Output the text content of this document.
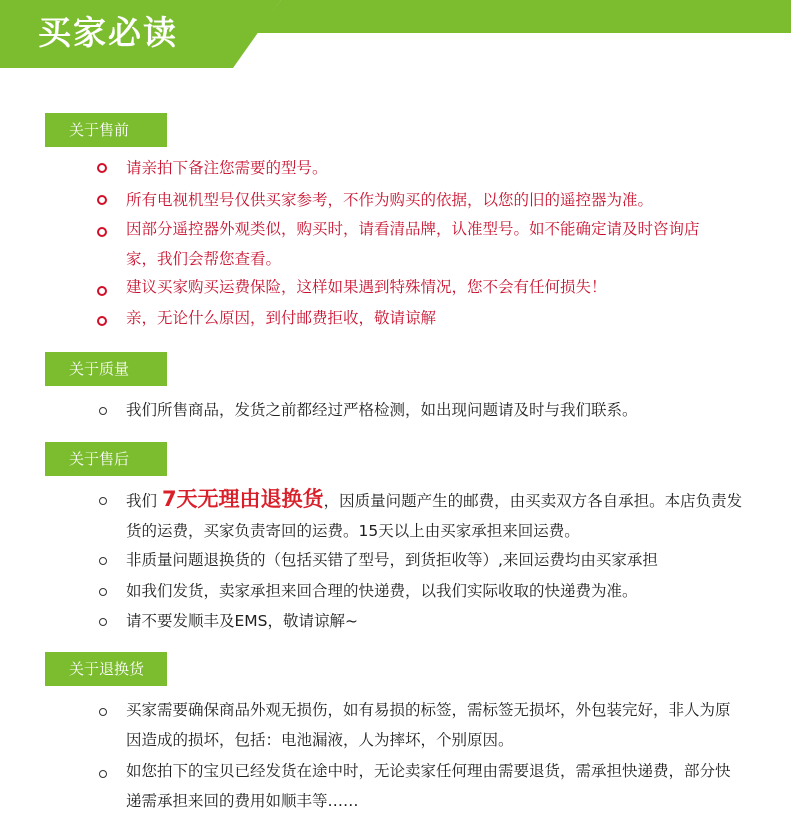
买家必读
关于售前
请亲拍下备注您需要的型号。
所有电视机型号仅供买家参考，不作为购买的依据，以您的旧的遥控器为准。
因部分遥控器外观类似，购买时，请看清品牌，认准型号。如不能确定请及时咨询店家，我们会帮您查看。
建议买家购买运费保险，这样如果遇到特殊情况，您不会有任何损失！
亲，无论什么原因，到付邮费拒收，敬请谅解
关于质量
我们所售商品，发货之前都经过严格检测，如出现问题请及时与我们联系。
关于售后
我们 7天无理由退换货，因质量问题产生的邮费，由买卖双方各自承担。本店负责发货的运费，买家负责寄回的运费。15天以上由买家承担来回运费。
非质量问题退换货的（包括买错了型号，到货拒收等）,来回运费均由买家承担
如我们发货，卖家承担来回合理的快递费，以我们实际收取的快递费为准。
请不要发顺丰及EMS，敬请谅解~
关于退换货
买家需要确保商品外观无损伤，如有易损的标签，需标签无损坏，外包装完好，非人为原因造成的损坏，包括：电池漏液，人为摔坏，个别原因。
如您拍下的宝贝已经发货在途中时，无论卖家任何理由需要退货，需承担快递费，部分快递需承担来回的费用如顺丰等……
